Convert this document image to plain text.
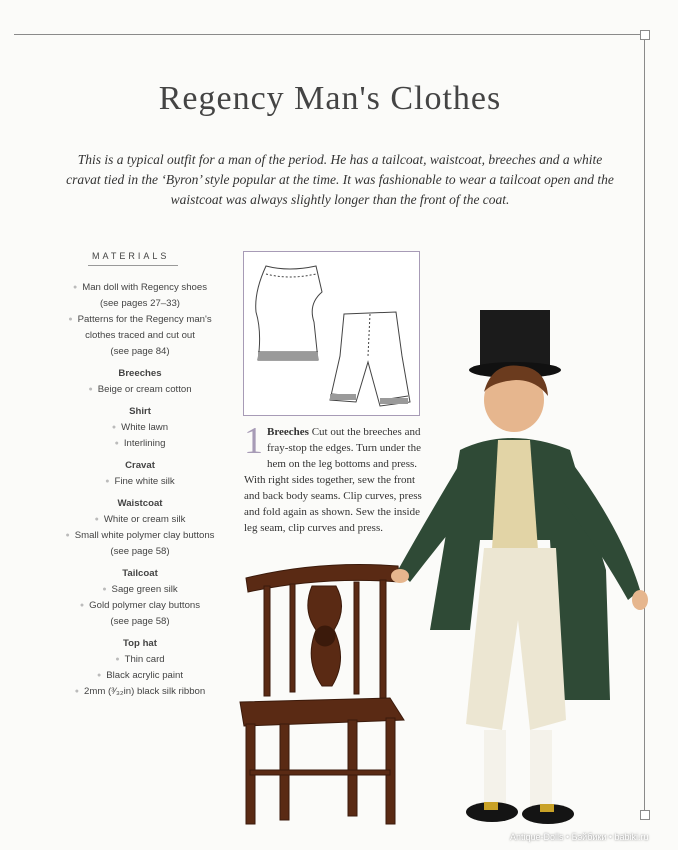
Regency Man's Clothes
This is a typical outfit for a man of the period. He has a tailcoat, waistcoat, breeches and a white cravat tied in the ‘Byron’ style popular at the time. It was fashionable to wear a tailcoat open and the waistcoat was always slightly longer than the front of the coat.
MATERIALS
● Man doll with Regency shoes
(see pages 27–33)
● Patterns for the Regency man's
clothes traced and cut out
(see page 84)
Breeches
● Beige or cream cotton
Shirt
● White lawn
● Interlining
Cravat
● Fine white silk
Waistcoat
● White or cream silk
● Small white polymer clay buttons
(see page 58)
Tailcoat
● Sage green silk
● Gold polymer clay buttons
(see page 58)
Top hat
● Thin card
● Black acrylic paint
● 2mm (³⁄₃₂in) black silk ribbon
1 Breeches Cut out the breeches and fray-stop the edges. Turn under the hem on the leg bottoms and press. With right sides together, sew the front and back body seams. Clip curves, press and fold again as shown. Sew the inside leg seam, clip curves and press.
Antique-Dolls • Бэйбики • babiki.ru
